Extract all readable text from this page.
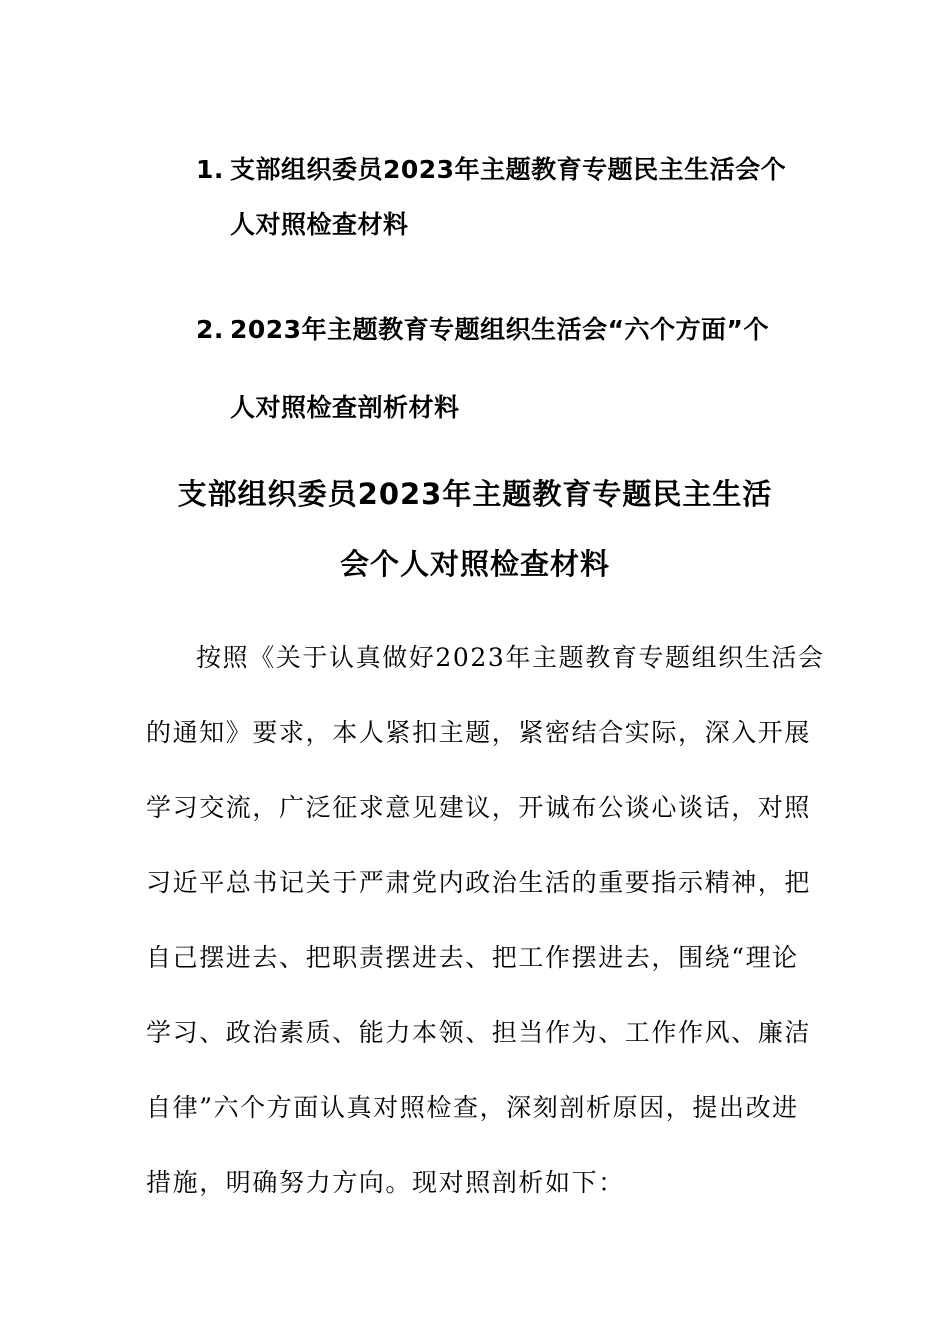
1. 支部组织委员2023年主题教育专题民主生活会个
人对照检查材料
2. 2023年主题教育专题组织生活会“六个方面”个
人对照检查剖析材料
支部组织委员2023年主题教育专题民主生活
会个人对照检查材料
按照《关于认真做好2023年主题教育专题组织生活会
的通知》要求，本人紧扣主题，紧密结合实际，深入开展
学习交流，广泛征求意见建议，开诚布公谈心谈话，对照
习近平总书记关于严肃党内政治生活的重要指示精神，把
自己摆进去、把职责摆进去、把工作摆进去，围绕“理论
学习、政治素质、能力本领、担当作为、工作作风、廉洁
自律”六个方面认真对照检查，深刻剖析原因，提出改进
措施，明确努力方向。现对照剖析如下：
